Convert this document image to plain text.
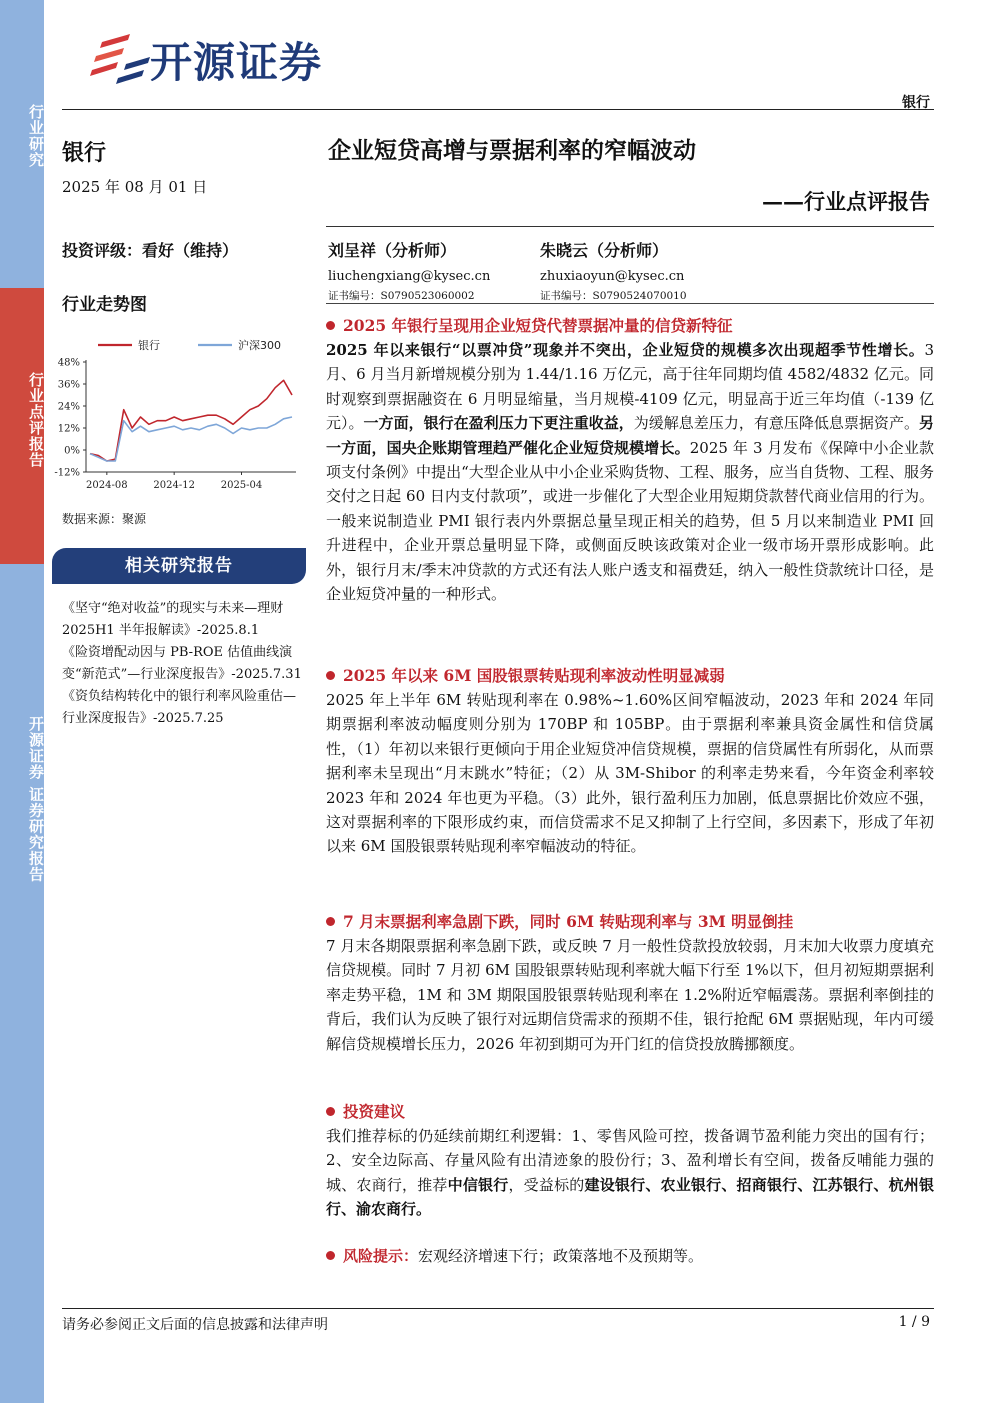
行业研究
行业点评报告
开源证券 证券研究报告
开源证券
银行
银行
2025 年 08 月 01 日
企业短贷高增与票据利率的窄幅波动
——行业点评报告
投资评级：看好（维持）	刘呈祥（分析师）
liuchengxiang@kysec.cn
证书编号：S0790523060002
朱晓云（分析师）
zhuxiaoyun@kysec.cn
证书编号：S0790524070010
行业走势图
银行	沪深300
48%
36%
24%
12%
0%
-12%
2024-08	2024-12	2025-04
数据来源：聚源
相关研究报告
《坚守“绝对收益”的现实与未来—理财 2025H1 半年报解读》-2025.8.1
《险资增配动因与 PB-ROE 估值曲线演变“新范式”—行业深度报告》-2025.7.31
《资负结构转化中的银行利率风险重估—行业深度报告》-2025.7.25
2025 年银行呈现用企业短贷代替票据冲量的信贷新特征
2025 年以来银行“以票冲贷”现象并不突出，企业短贷的规模多次出现超季节性增长。3 月、6 月当月新增规模分别为 1.44/1.16 万亿元，高于往年同期均值 4582/4832 亿元。同时观察到票据融资在 6 月明显缩量，当月规模-4109 亿元，明显高于近三年均值（-139 亿元）。一方面，银行在盈利压力下更注重收益，为缓解息差压力，有意压降低息票据资产。另一方面，国央企账期管理趋严催化企业短贷规模增长。2025 年 3 月发布《保障中小企业款项支付条例》中提出“大型企业从中小企业采购货物、工程、服务，应当自货物、工程、服务交付之日起 60 日内支付款项”，或进一步催化了大型企业用短期贷款替代商业信用的行为。一般来说制造业 PMI 银行表内外票据总量呈现正相关的趋势，但 5 月以来制造业 PMI 回升进程中，企业开票总量明显下降，或侧面反映该政策对企业一级市场开票形成影响。此外，银行月末/季末冲贷款的方式还有法人账户透支和福费廷，纳入一般性贷款统计口径，是企业短贷冲量的一种形式。
2025 年以来 6M 国股银票转贴现利率波动性明显减弱
2025 年上半年 6M 转贴现利率在 0.98%~1.60%区间窄幅波动，2023 年和 2024 年同期票据利率波动幅度则分别为 170BP 和 105BP。由于票据利率兼具资金属性和信贷属性，（1）年初以来银行更倾向于用企业短贷冲信贷规模，票据的信贷属性有所弱化，从而票据利率未呈现出“月末跳水”特征；（2）从 3M-Shibor 的利率走势来看，今年资金利率较 2023 年和 2024 年也更为平稳。（3）此外，银行盈利压力加剧，低息票据比价效应不强，这对票据利率的下限形成约束，而信贷需求不足又抑制了上行空间，多因素下，形成了年初以来 6M 国股银票转贴现利率窄幅波动的特征。
7 月末票据利率急剧下跌，同时 6M 转贴现利率与 3M 明显倒挂
7 月末各期限票据利率急剧下跌，或反映 7 月一般性贷款投放较弱，月末加大收票力度填充信贷规模。同时 7 月初 6M 国股银票转贴现利率就大幅下行至 1%以下，但月初短期票据利率走势平稳，1M 和 3M 期限国股银票转贴现利率在 1.2%附近窄幅震荡。票据利率倒挂的背后，我们认为反映了银行对远期信贷需求的预期不佳，银行抢配 6M 票据贴现，年内可缓解信贷规模增长压力，2026 年初到期可为开门红的信贷投放腾挪额度。
投资建议
我们推荐标的仍延续前期红利逻辑：1、零售风险可控，拨备调节盈利能力突出的国有行；2、安全边际高、存量风险有出清迹象的股份行；3、盈利增长有空间，拨备反哺能力强的城、农商行，推荐中信银行，受益标的建设银行、农业银行、招商银行、江苏银行、杭州银行、渝农商行。
风险提示：宏观经济增速下行；政策落地不及预期等。
请务必参阅正文后面的信息披露和法律声明	1 / 9
